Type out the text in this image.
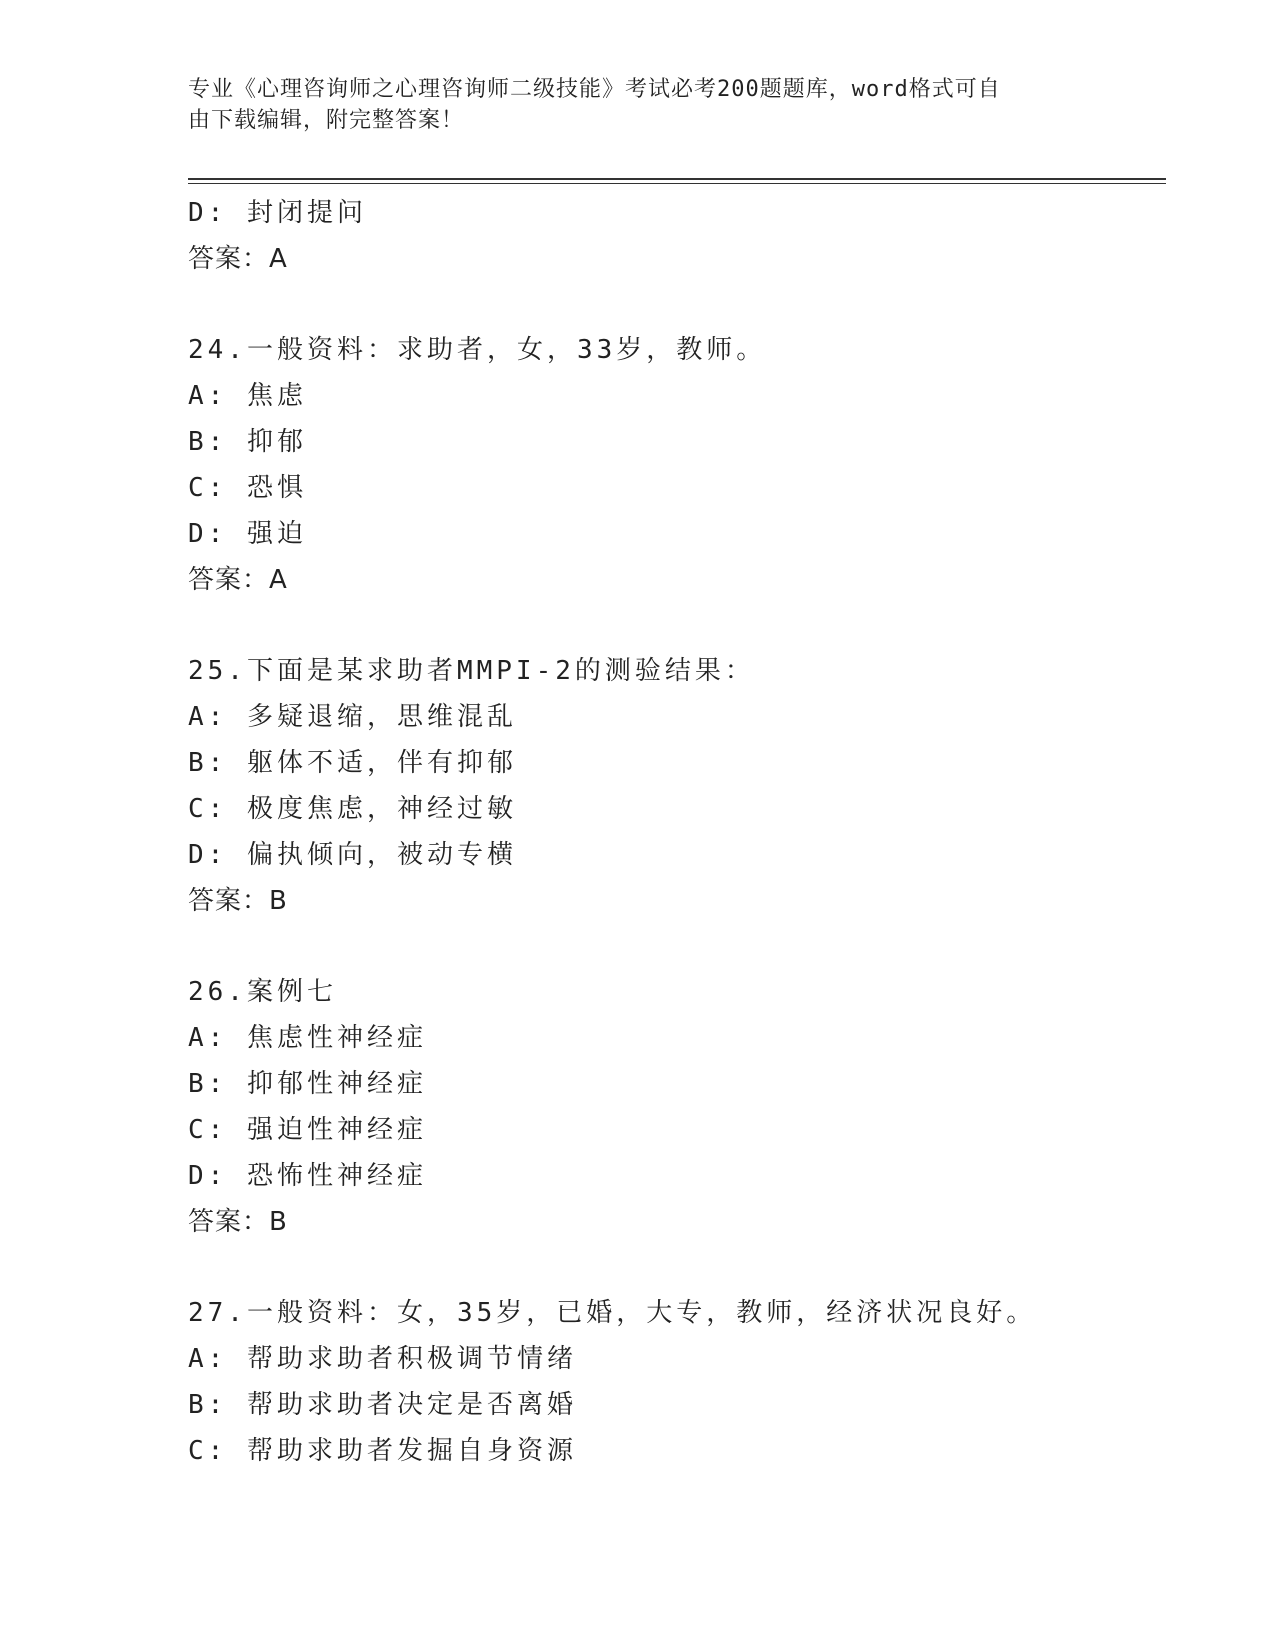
专业《心理咨询师之心理咨询师二级技能》考试必考200题题库，word格式可自
由下载编辑，附完整答案！
D: 封闭提问
答案：A
24.一般资料：求助者，女，33岁，教师。
A: 焦虑
B: 抑郁
C: 恐惧
D: 强迫
答案：A
25.下面是某求助者MMPI-2的测验结果：
A: 多疑退缩，思维混乱
B: 躯体不适，伴有抑郁
C: 极度焦虑，神经过敏
D: 偏执倾向，被动专横
答案：B
26.案例七
A: 焦虑性神经症
B: 抑郁性神经症
C: 强迫性神经症
D: 恐怖性神经症
答案：B
27.一般资料：女，35岁，已婚，大专，教师，经济状况良好。
A: 帮助求助者积极调节情绪
B: 帮助求助者决定是否离婚
C: 帮助求助者发掘自身资源
